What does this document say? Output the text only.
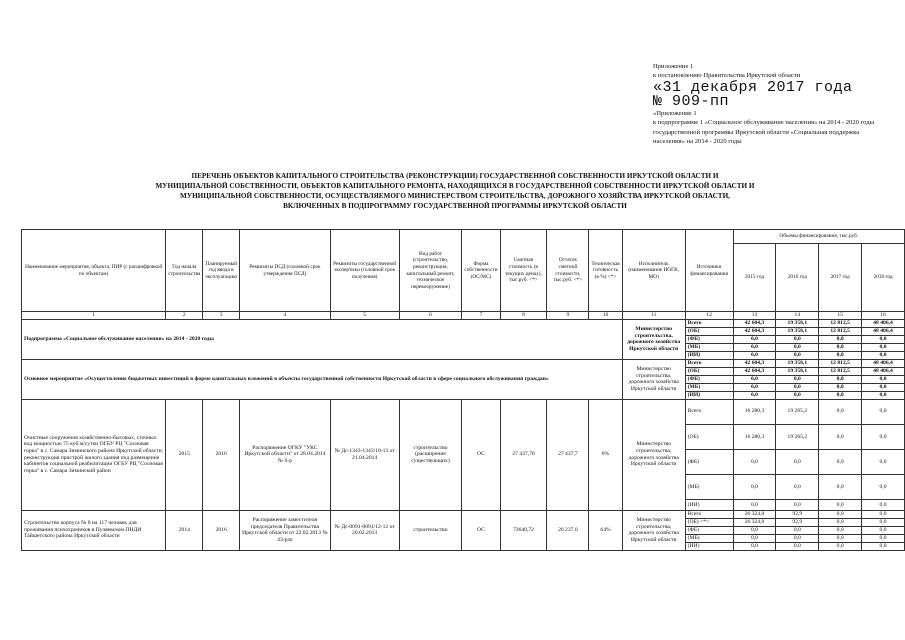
Приложение 1
к постановлению Правительства Иркутской области
«31 декабря 2017 года
№ 909-пп
«Приложение 1
к подпрограмме 1 «Социальное обслуживание населения» на 2014 - 2020 годы государственной программы Иркутской области «Социальная поддержка населения» на 2014 - 2020 годы
ПЕРЕЧЕНЬ ОБЪЕКТОВ КАПИТАЛЬНОГО СТРОИТЕЛЬСТВА (РЕКОНСТРУКЦИИ) ГОСУДАРСТВЕННОЙ СОБСТВЕННОСТИ ИРКУТСКОЙ ОБЛАСТИ И МУНИЦИПАЛЬНОЙ СОБСТВЕННОСТИ, ОБЪЕКТОВ КАПИТАЛЬНОГО РЕМОНТА, НАХОДЯЩИХСЯ В ГОСУДАРСТВЕННОЙ СОБСТВЕННОСТИ ИРКУТСКОЙ ОБЛАСТИ И МУНИЦИПАЛЬНОЙ СОБСТВЕННОСТИ, ОСУЩЕСТВЛЯЕМОГО МИНИСТЕРСТВОМ СТРОИТЕЛЬСТВА, ДОРОЖНОГО ХОЗЯЙСТВА ИРКУТСКОЙ ОБЛАСТИ, ВКЛЮЧЕННЫХ В ПОДПРОГРАММУ ГОСУДАРСТВЕННОЙ ПРОГРАММЫ ИРКУТСКОЙ ОБЛАСТИ
Наименование мероприятия, объекта, ПИР (с расшифровкой по объектам)	Год начала строительства	Планируемый год ввода в эксплуатацию	Реквизиты ПСД (головной срок утверждения ПСД)	Реквизиты государственной экспертизы (головной срок получения)	Вид работ (строительство, реконструкция, капитальный ремонт, техническое перевооружение)	Форма собственности (ОС/МС)	Сметная стоимость (в текущих ценах), тыс.руб. <*>	Остаток сметной стоимости, тыс.руб. <*>	Техническая готовность (в %) <*>	Исполнитель (наименование ИОГВ, МО)	Источники финансирования	Объемы финансирования, тыс.руб.			
												2015 год	2016 год	2017 год	2018 год
1	2	3	4	5	6	7	8	9	10	11	12	13	14	15	16
Подпрограмма «Социальное обслуживание населения» на 2014 - 2020 годы										Министерство строительства, дорожного хозяйства Иркутской области	Всего	42 604,3	19 358,1	12 812,5	48 406,4
											(ОБ)	42 604,3	19 358,1	12 812,5	48 406,4
											(ФБ)	0,0	0,0	0,0	0,0
											(МБ)	0,0	0,0	0,0	0,0
											(ИИ)	0,0	0,0	0,0	0,0
Основное мероприятие «Осуществление бюджетных инвестиций в форме капитальных вложений в объекты государственной собственности Иркутской области в сфере социального обслуживания граждан»										Министерство строительства, дорожного хозяйства Иркутской области	Всего	42 604,3	19 358,1	12 812,5	48 406,4
											(ОБ)	42 604,3	19 358,1	12 812,5	48 406,4
											(ФБ)	0,0	0,0	0,0	0,0
											(МБ)	0,0	0,0	0,0	0,0
											(ИИ)	0,0	0,0	0,0	0,0
Очистные сооружения хозяйственно-бытовых, сточных вод мощностью 75 куб.м/сутки ОГБУ РЦ "Сосновая горка" в с. Самара Зиминского района Иркутской области; реконструкция пристрой жилого здания под размещение кабинетов социальной реабилитации ОГБУ РЦ "Сосновая горка" в с. Самара Зиминский район	2015	2016	Распоряжение ОГКУ "УКС Иркутской области" от 28.04.2014 № 6-р	№ Дс-1343-1343/10-13 от 21.04.2014	строительство (расширение существующих)	ОС	27 437,70	27 437,7	0%	Министерство строительства, дорожного хозяйства Иркутской области	Всего	16 280,3	19 265,2	0,0	0,0
											(ОБ)	16 280,3	19 265,2	0,0	0,0
											(ФБ)	0,0	0,0	0,0	0,0
											(МБ)	0,0	0,0	0,0	0,0
											(ИИ)	0,0	0,0	0,0	0,0
Строительство корпуса № 8 на 117 человек для проживания психохроников в Пуляевском ПНДИ Тайшетского района Иркутской области	2014	2016	Распоряжение заместителя председателя Правительства Иркутской области от 22.02.2013 № 43-рзп	№ Дс-0091-0091/12-12 от 20.02.2013	строительство	ОС	73640,72	26 237,0	64%	Министерство строительства, дорожного хозяйства Иркутской области	Всего	26 324,0	92,9	0,0	0,0
											(ОБ) <*>	26 324,0	92,9	0,0	0,0
											(ФБ)	0,0	0,0	0,0	0,0
											(МБ)	0,0	0,0	0,0	0,0
											(ИИ)	0,0	0,0	0,0	0,0
